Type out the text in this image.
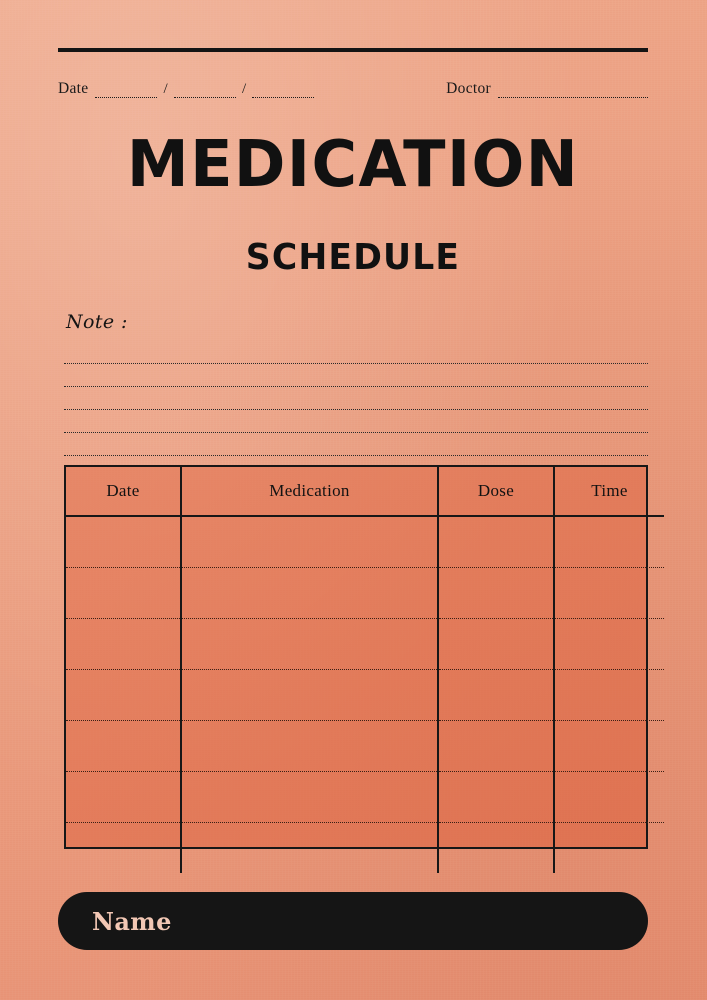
Date	/	/	Doctor
MEDICATION
SCHEDULE
Note :
Date	Medication	Dose	Time

Name
